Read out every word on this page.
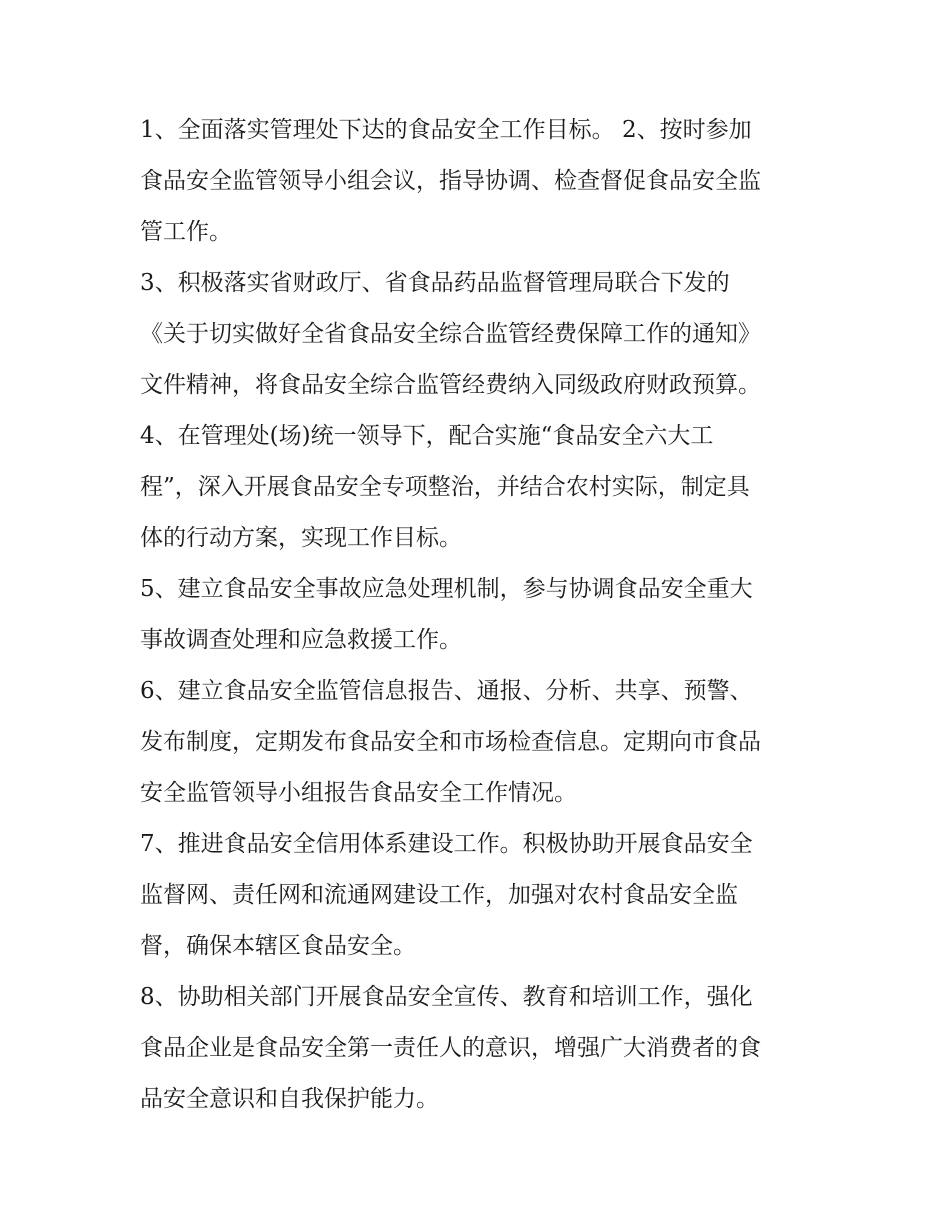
1、全面落实管理处下达的食品安全工作目标。 2、按时参加
食品安全监管领导小组会议，指导协调、检查督促食品安全监
管工作。
3、积极落实省财政厅、省食品药品监督管理局联合下发的
《关于切实做好全省食品安全综合监管经费保障工作的通知》
文件精神，将食品安全综合监管经费纳入同级政府财政预算。
4、在管理处(场)统一领导下，配合实施“食品安全六大工
程”，深入开展食品安全专项整治，并结合农村实际，制定具
体的行动方案，实现工作目标。
5、建立食品安全事故应急处理机制，参与协调食品安全重大
事故调查处理和应急救援工作。
6、建立食品安全监管信息报告、通报、分析、共享、预警、
发布制度，定期发布食品安全和市场检查信息。定期向市食品
安全监管领导小组报告食品安全工作情况。
7、推进食品安全信用体系建设工作。积极协助开展食品安全
监督网、责任网和流通网建设工作，加强对农村食品安全监
督，确保本辖区食品安全。
8、协助相关部门开展食品安全宣传、教育和培训工作，强化
食品企业是食品安全第一责任人的意识，增强广大消费者的食
品安全意识和自我保护能力。
